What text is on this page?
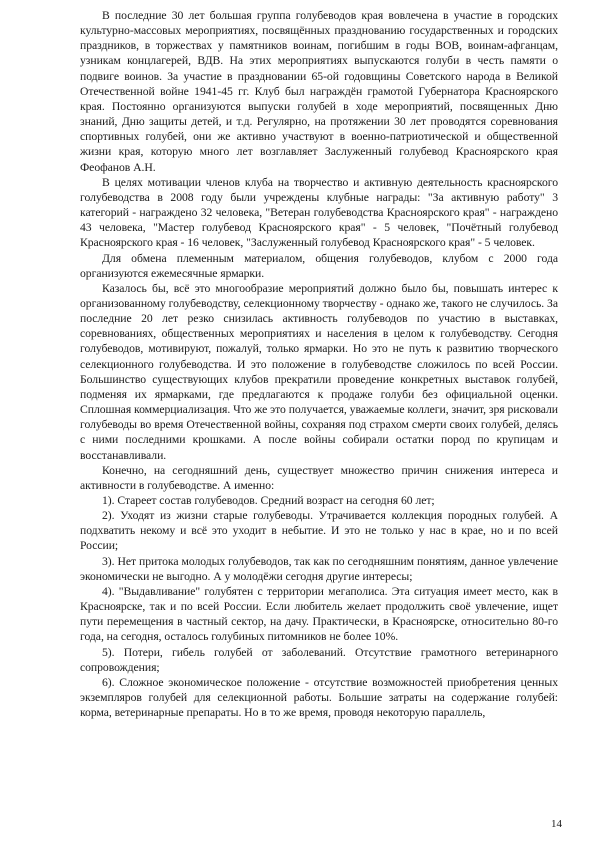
В последние 30 лет большая группа голубеводов края вовлечена в участие в городских культурно-массовых мероприятиях, посвящённых празднованию государственных и городских праздников, в торжествах у памятников воинам, погибшим в годы ВОВ, воинам-афганцам, узникам концлагерей, ВДВ. На этих мероприятиях выпускаются голуби в честь памяти о подвиге воинов. За участие в праздновании 65-ой годовщины Советского народа в Великой Отечественной войне 1941-45 гг. Клуб был награждён грамотой Губернатора Красноярского края. Постоянно организуются выпуски голубей в ходе мероприятий, посвященных Дню знаний, Дню защиты детей, и т.д. Регулярно, на протяжении 30 лет проводятся соревнования спортивных голубей, они же активно участвуют в военно-патриотической и общественной жизни края, которую много лет возглавляет Заслуженный голубевод Красноярского края Феофанов А.Н.

В целях мотивации членов клуба на творчество и активную деятельность красноярского голубеводства в 2008 году были учреждены клубные награды: "За активную работу" 3 категорий - награждено 32 человека, "Ветеран голубеводства Красноярского края" - награждено 43 человека, "Мастер голубевод Красноярского края" - 5 человек, "Почётный голубевод Красноярского края - 16 человек, "Заслуженный голубевод Красноярского края" - 5 человек.

Для обмена племенным материалом, общения голубеводов, клубом с 2000 года организуются ежемесячные ярмарки.

Казалось бы, всё это многообразие мероприятий должно было бы, повышать интерес к организованному голубеводству, селекционному творчеству - однако же, такого не случилось. За последние 20 лет резко снизилась активность голубеводов по участию в выставках, соревнованиях, общественных мероприятиях и населения в целом к голубеводству. Сегодня голубеводов, мотивируют, пожалуй, только ярмарки. Но это не путь к развитию творческого селекционного голубеводства. И это положение в голубеводстве сложилось по всей России. Большинство существующих клубов прекратили проведение конкретных выставок голубей, подменяя их ярмарками, где предлагаются к продаже голуби без официальной оценки. Сплошная коммерциализация. Что же это получается, уважаемые коллеги, значит, зря рисковали голубеводы во время Отечественной войны, сохраняя под страхом смерти своих голубей, делясь с ними последними крошками. А после войны собирали остатки пород по крупицам и восстанавливали.

Конечно, на сегодняшний день, существует множество причин снижения интереса и активности в голубеводстве. А именно:

1). Стареет состав голубеводов. Средний возраст на сегодня 60 лет;

2). Уходят из жизни старые голубеводы. Утрачивается коллекция породных голубей. А подхватить некому и всё это уходит в небытие. И это не только у нас в крае, но и по всей России;

3). Нет притока молодых голубеводов, так как по сегодняшним понятиям, данное увлечение экономически не выгодно. А у молодёжи сегодня другие интересы;

4). "Выдавливание" голубятен с территории мегаполиса. Эта ситуация имеет место, как в Красноярске, так и по всей России. Если любитель желает продолжить своё увлечение, ищет пути перемещения в частный сектор, на дачу. Практически, в Красноярске, относительно 80-го года, на сегодня, осталось голубиных питомников не более 10%.

5). Потери, гибель голубей от заболеваний. Отсутствие грамотного ветеринарного сопровождения;

6). Сложное экономическое положение - отсутствие возможностей приобретения ценных экземпляров голубей для селекционной работы. Большие затраты на содержание голубей: корма, ветеринарные препараты. Но в то же время, проводя некоторую параллель,

14
